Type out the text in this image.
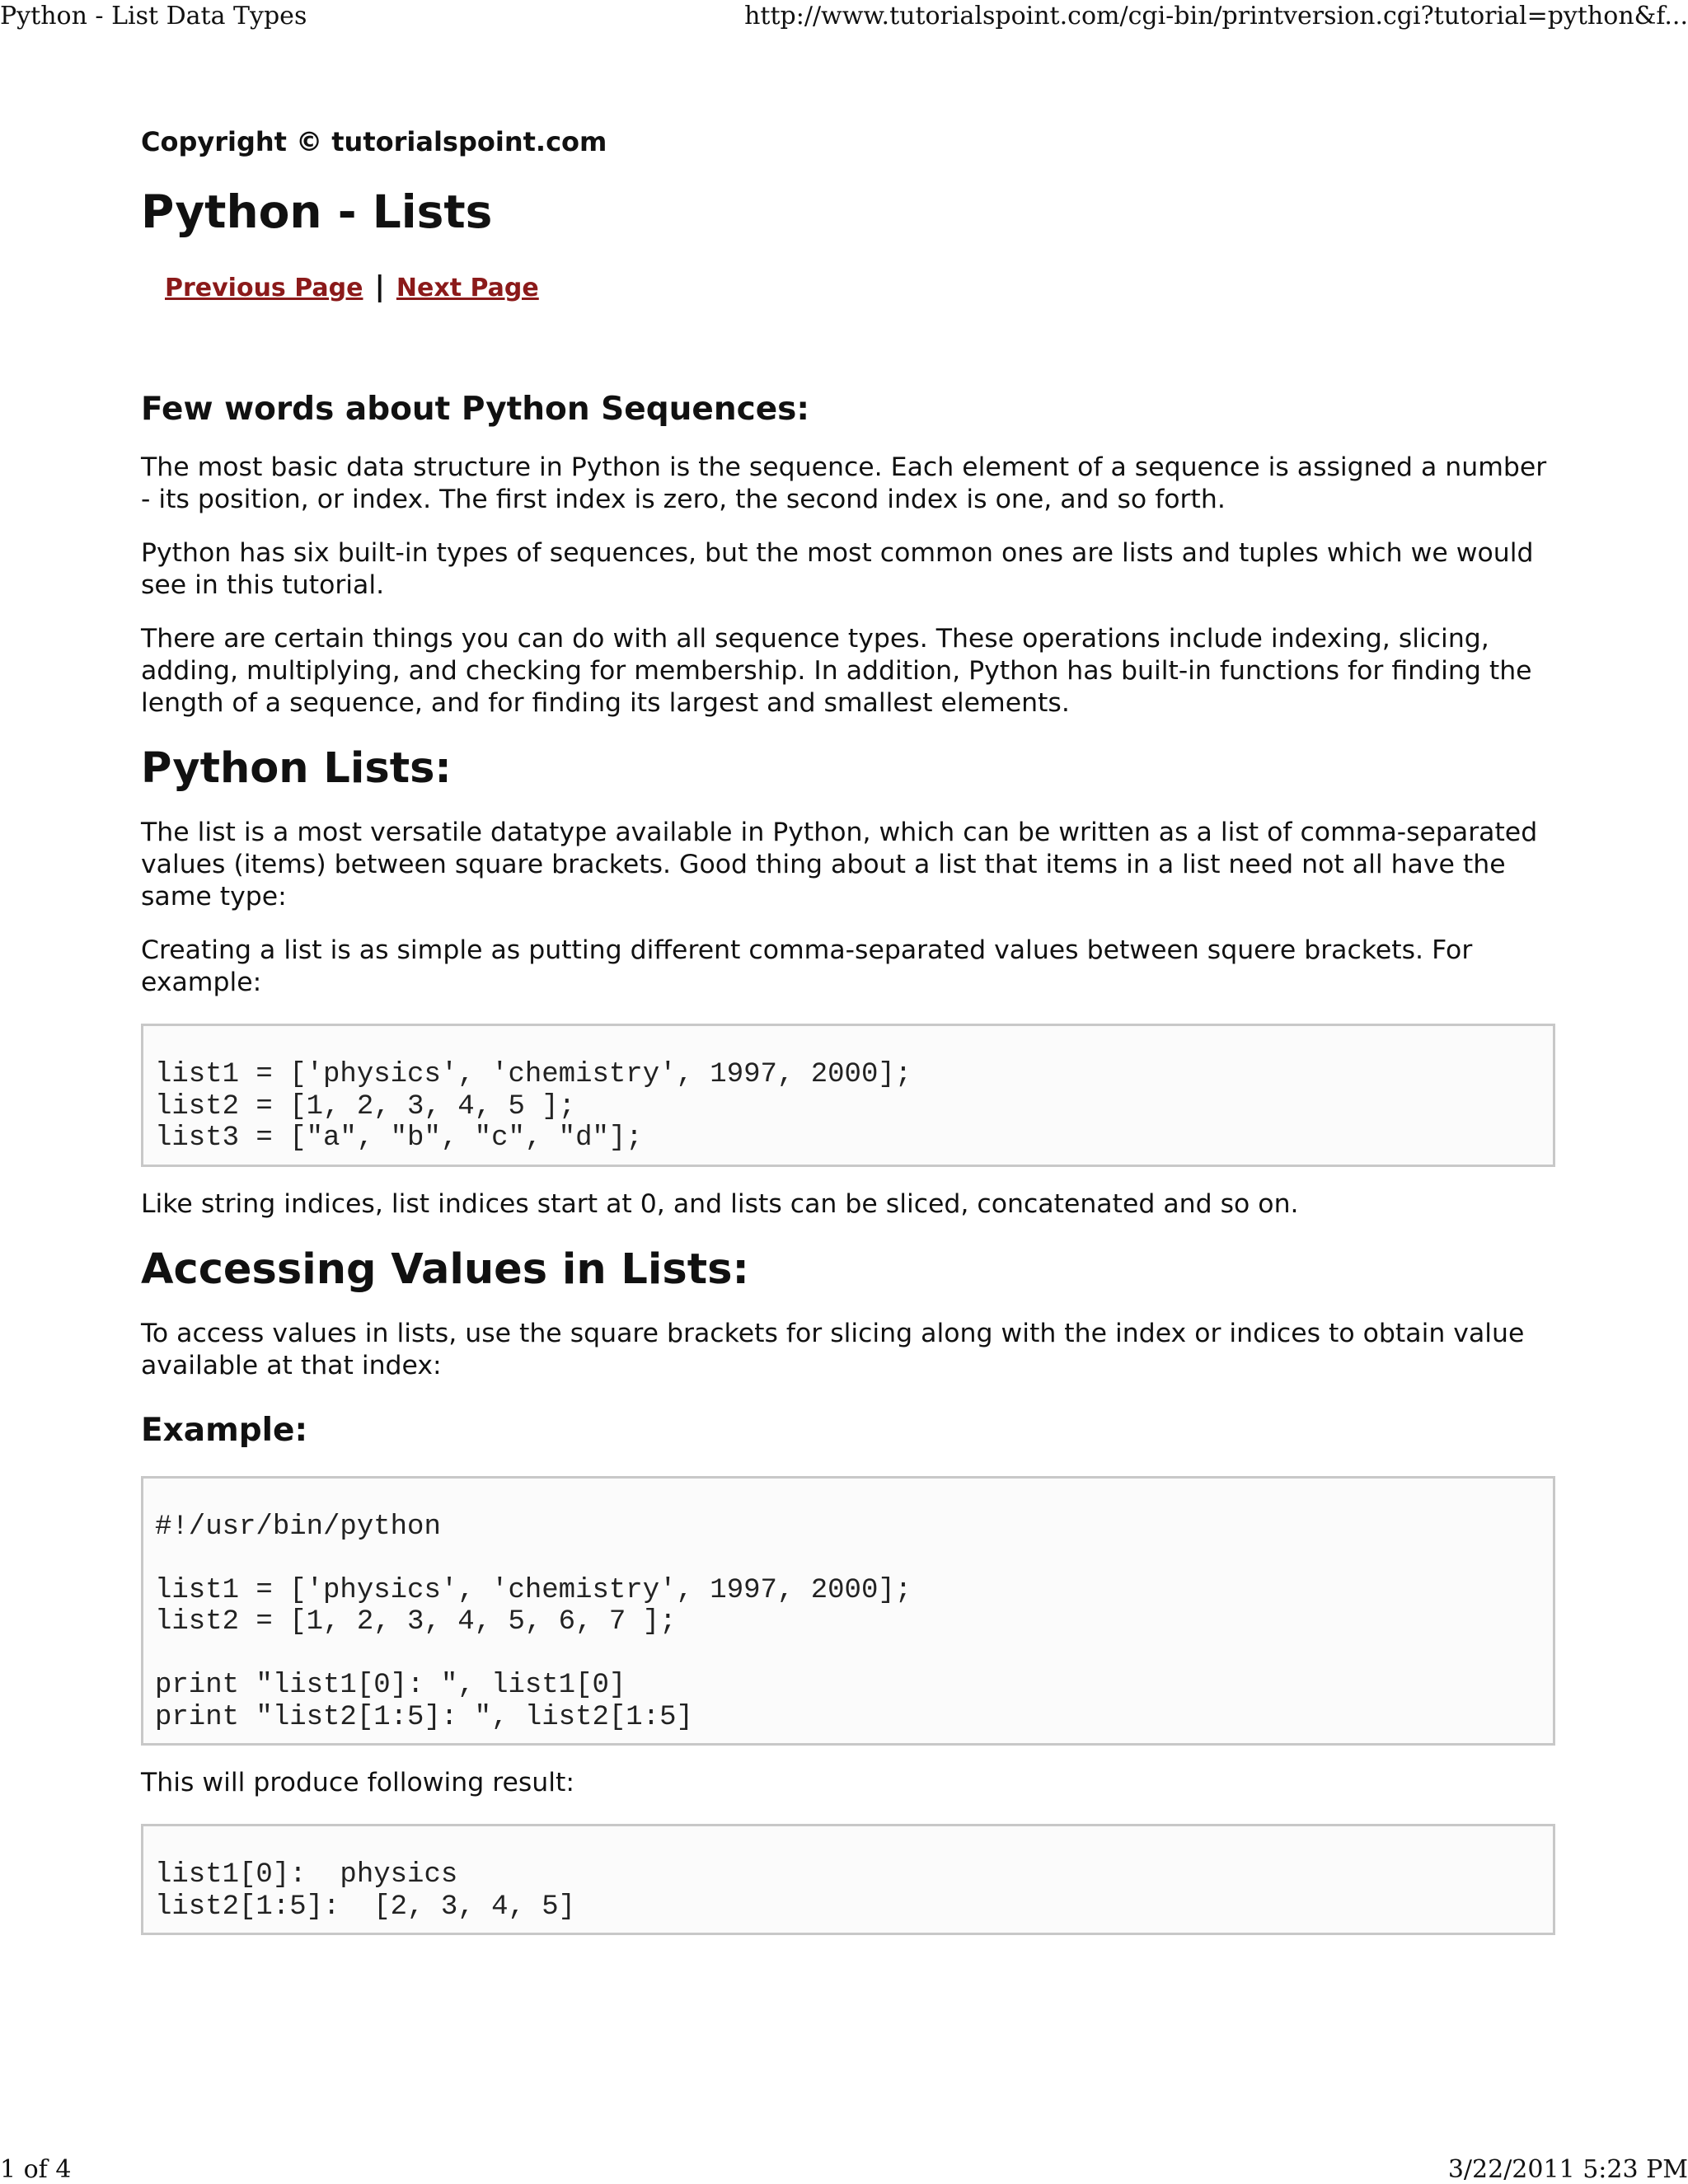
Python - List Data Types	http://www.tutorialspoint.com/cgi-bin/printversion.cgi?tutorial=python&f...

Copyright © tutorialspoint.com

Python - Lists
Previous Page | Next Page
Few words about Python Sequences:

The most basic data structure in Python is the sequence. Each element of a sequence is assigned a number - its position, or index. The first index is zero, the second index is one, and so forth.

Python has six built-in types of sequences, but the most common ones are lists and tuples which we would see in this tutorial.

There are certain things you can do with all sequence types. These operations include indexing, slicing, adding, multiplying, and checking for membership. In addition, Python has built-in functions for finding the length of a sequence, and for finding its largest and smallest elements.

Python Lists:

The list is a most versatile datatype available in Python, which can be written as a list of comma-separated values (items) between square brackets. Good thing about a list that items in a list need not all have the same type:

Creating a list is as simple as putting different comma-separated values between squere brackets. For example:

list1 = ['physics', 'chemistry', 1997, 2000];
list2 = [1, 2, 3, 4, 5 ];
list3 = ["a", "b", "c", "d"];

Like string indices, list indices start at 0, and lists can be sliced, concatenated and so on.

Accessing Values in Lists:

To access values in lists, use the square brackets for slicing along with the index or indices to obtain value available at that index:

Example:
#!/usr/bin/python

list1 = ['physics', 'chemistry', 1997, 2000];
list2 = [1, 2, 3, 4, 5, 6, 7 ];

print "list1[0]: ", list1[0]
print "list2[1:5]: ", list2[1:5]

This will produce following result:

list1[0]:  physics
list2[1:5]:  [2, 3, 4, 5]
1 of 4	3/22/2011 5:23 PM
